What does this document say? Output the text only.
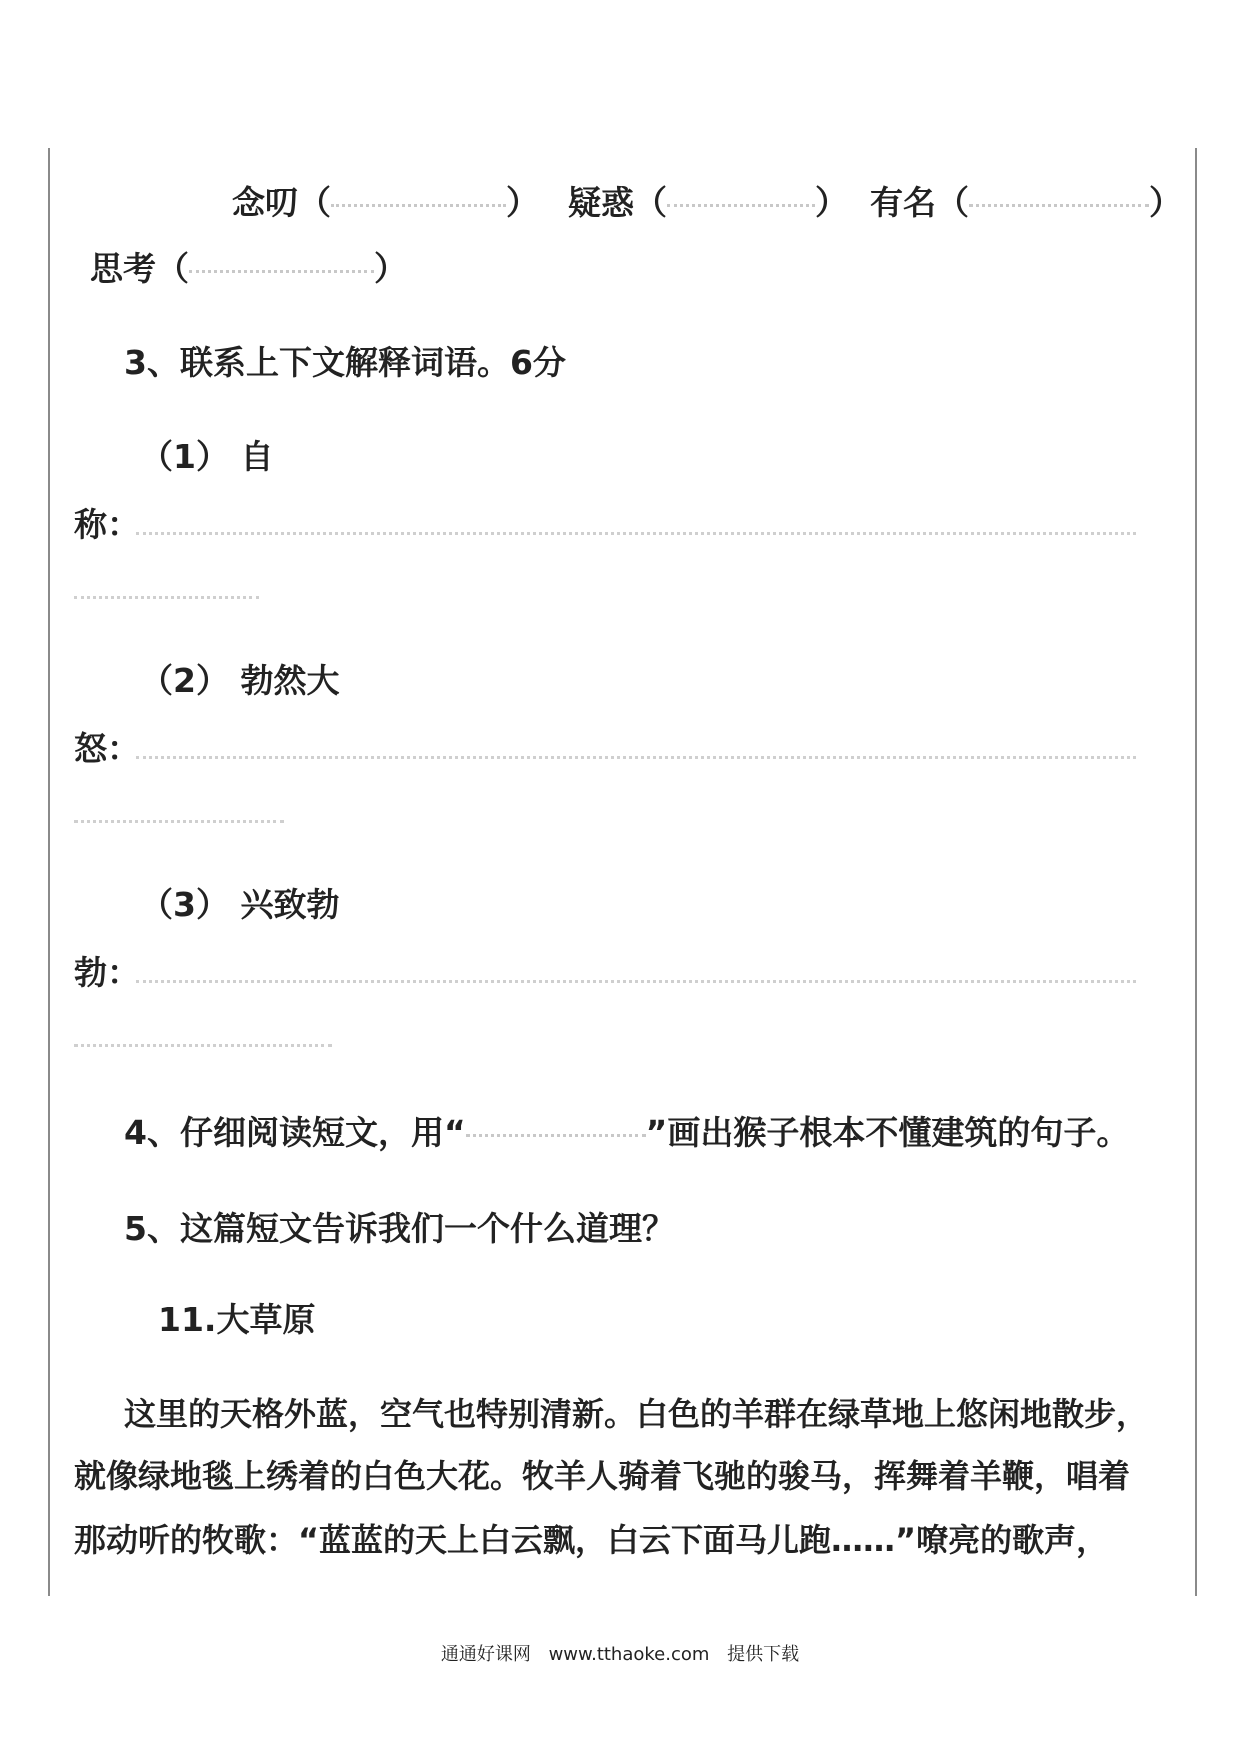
念叨（	） 疑惑（	） 有名（	）
思考（	）
3、联系上下文解释词语。6分
（1） 自
称：
（2） 勃然大
怒：
（3） 兴致勃
勃：
4、仔细阅读短文，用“	”画出猴子根本不懂建筑的句子。
5、这篇短文告诉我们一个什么道理？
11.大草原
这里的天格外蓝，空气也特别清新。白色的羊群在绿草地上悠闲地散步，
就像绿地毯上绣着的白色大花。牧羊人骑着飞驰的骏马，挥舞着羊鞭，唱着
那动听的牧歌：“蓝蓝的天上白云飘，白云下面马儿跑……”嘹亮的歌声，
通通好课网 www.tthaoke.com 提供下载
